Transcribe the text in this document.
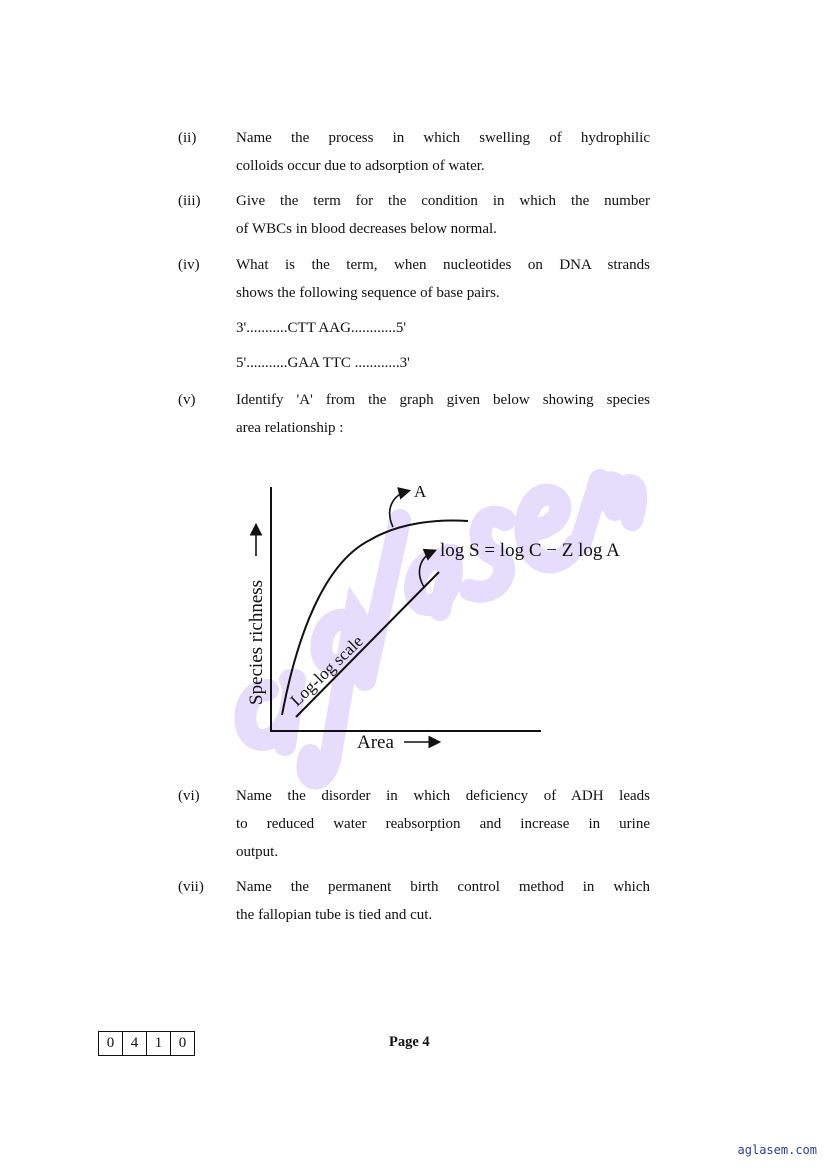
(ii)	Name the process in which swelling of hydrophilic
colloids occur due to adsorption of water.
(iii) Give the term for the condition in which the number
of WBCs in blood decreases below normal.
(iv) What is the term, when nucleotides on DNA strands
shows the following sequence of base pairs.
3'...........CTT AAG............5'
5'...........GAA TTC ............3'
(v)	Identify 'A' from the graph given below showing species
area relationship :
Species richness
Area
A
log S = log C − Z log A
Log-log scale
(vi) Name the disorder in which deficiency of ADH leads
to reduced water reabsorption and increase in urine
output.
(vii) Name the permanent birth control method in which
the fallopian tube is tied and cut.
0	4	1	0	Page 4
aglasem.com
